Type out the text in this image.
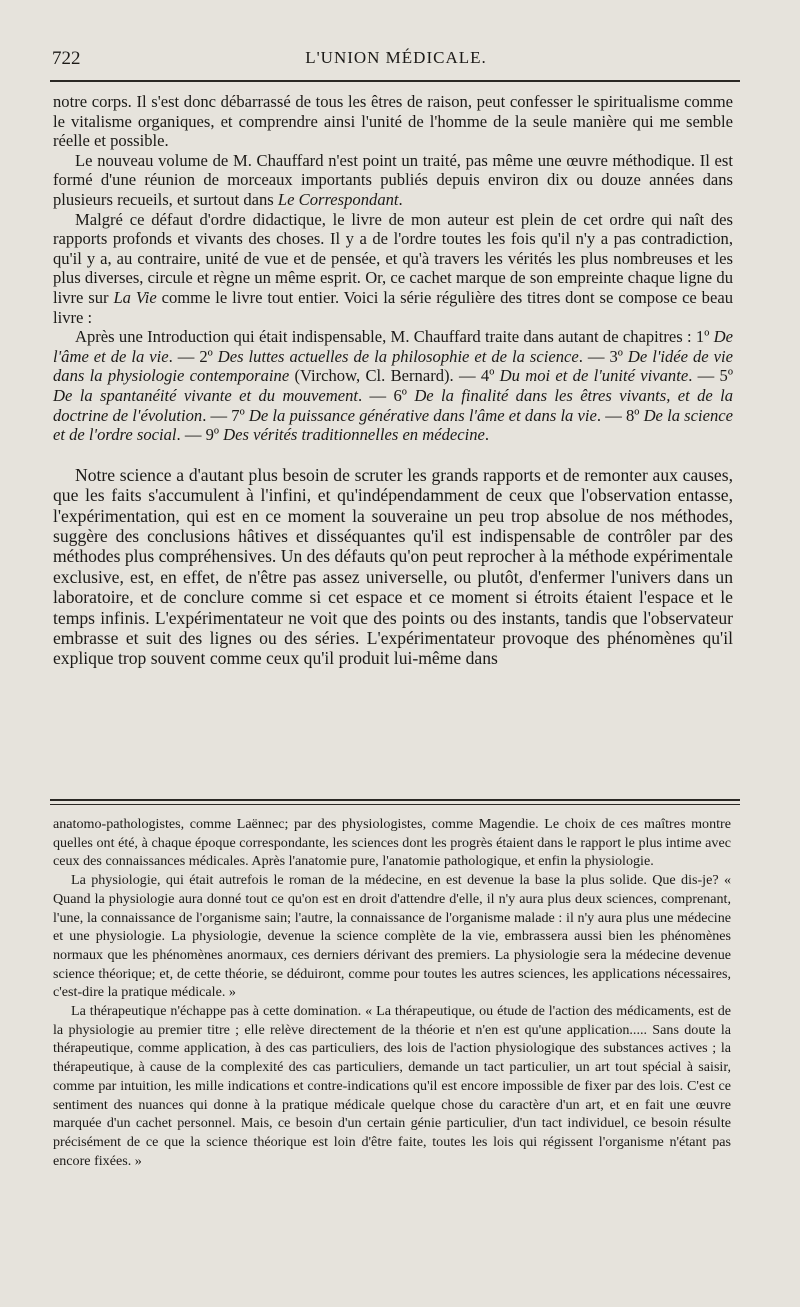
722	L'UNION MÉDICALE.

notre corps. Il s'est donc débarrassé de tous les êtres de raison, peut confesser le spiritualisme comme le vitalisme organiques, et comprendre ainsi l'unité de l'homme de la seule manière qui me semble réelle et possible.

Le nouveau volume de M. Chauffard n'est point un traité, pas même une œuvre méthodique. Il est formé d'une réunion de morceaux importants publiés depuis environ dix ou douze années dans plusieurs recueils, et surtout dans Le Correspondant.

Malgré ce défaut d'ordre didactique, le livre de mon auteur est plein de cet ordre qui naît des rapports profonds et vivants des choses. Il y a de l'ordre toutes les fois qu'il n'y a pas contradiction, qu'il y a, au contraire, unité de vue et de pensée, et qu'à travers les vérités les plus nombreuses et les plus diverses, circule et règne un même esprit. Or, ce cachet marque de son empreinte chaque ligne du livre sur La Vie comme le livre tout entier. Voici la série régulière des titres dont se compose ce beau livre :

Après une Introduction qui était indispensable, M. Chauffard traite dans autant de chapitres : 1º De l'âme et de la vie. — 2º Des luttes actuelles de la philosophie et de la science. — 3º De l'idée de vie dans la physiologie contemporaine (Virchow, Cl. Bernard). — 4º Du moi et de l'unité vivante. — 5º De la spantanéité vivante et du mouvement. — 6º De la finalité dans les êtres vivants, et de la doctrine de l'évolution. — 7º De la puissance générative dans l'âme et dans la vie. — 8º De la science et de l'ordre social. — 9º Des vérités traditionnelles en médecine.

Notre science a d'autant plus besoin de scruter les grands rapports et de remonter aux causes, que les faits s'accumulent à l'infini, et qu'indépendamment de ceux que l'observation entasse, l'expérimentation, qui est en ce moment la souveraine un peu trop absolue de nos méthodes, suggère des conclusions hâtives et disséquantes qu'il est indispensable de contrôler par des méthodes plus compréhensives. Un des défauts qu'on peut reprocher à la méthode expérimentale exclusive, est, en effet, de n'être pas assez universelle, ou plutôt, d'enfermer l'univers dans un laboratoire, et de conclure comme si cet espace et ce moment si étroits étaient l'espace et le temps infinis. L'expérimentateur ne voit que des points ou des instants, tandis que l'observateur embrasse et suit des lignes ou des séries. L'expérimentateur provoque des phénomènes qu'il explique trop souvent comme ceux qu'il produit lui-même dans

anatomo-pathologistes, comme Laënnec; par des physiologistes, comme Magendie. Le choix de ces maîtres montre quelles ont été, à chaque époque correspondante, les sciences dont les progrès étaient dans le rapport le plus intime avec ceux des connaissances médicales. Après l'anatomie pure, l'anatomie pathologique, et enfin la physiologie.

La physiologie, qui était autrefois le roman de la médecine, en est devenue la base la plus solide. Que dis-je? « Quand la physiologie aura donné tout ce qu'on est en droit d'attendre d'elle, il n'y aura plus deux sciences, comprenant, l'une, la connaissance de l'organisme sain; l'autre, la connaissance de l'organisme malade : il n'y aura plus une médecine et une physiologie. La physiologie, devenue la science complète de la vie, embrassera aussi bien les phénomènes normaux que les phénomènes anormaux, ces derniers dérivant des premiers. La physiologie sera la médecine devenue science théorique; et, de cette théorie, se déduiront, comme pour toutes les autres sciences, les applications nécessaires, c'est-dire la pratique médicale. »

La thérapeutique n'échappe pas à cette domination. « La thérapeutique, ou étude de l'action des médicaments, est de la physiologie au premier titre ; elle relève directement de la théorie et n'en est qu'une application..... Sans doute la thérapeutique, comme application, à des cas particuliers, des lois de l'action physiologique des substances actives ; la thérapeutique, à cause de la complexité des cas particuliers, demande un tact particulier, un art tout spécial à saisir, comme par intuition, les mille indications et contre-indications qu'il est encore impossible de fixer par des lois. C'est ce sentiment des nuances qui donne à la pratique médicale quelque chose du caractère d'un art, et en fait une œuvre marquée d'un cachet personnel. Mais, ce besoin d'un certain génie particulier, d'un tact individuel, ce besoin résulte précisément de ce que la science théorique est loin d'être faite, toutes les lois qui régissent l'organisme n'étant pas encore fixées. »
